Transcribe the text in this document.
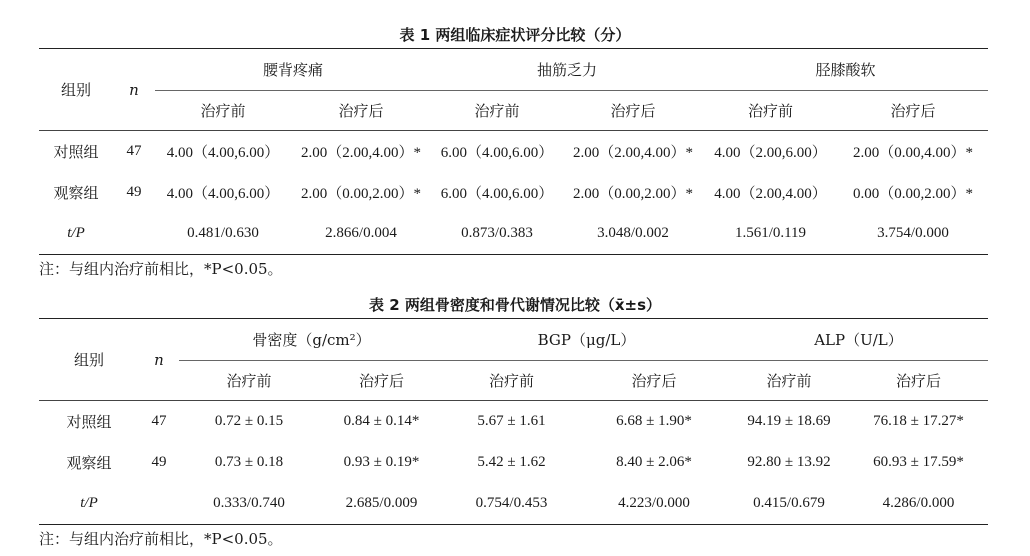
表 1 两组临床症状评分比较（分）
组别	n	腰背疼痛		抽筋乏力		胫膝酸软	
		治疗前	治疗后	治疗前	治疗后	治疗前	治疗后
对照组	47	4.00（4.00,6.00）	2.00（2.00,4.00）*	6.00（4.00,6.00）	2.00（2.00,4.00）*	4.00（2.00,6.00）	2.00（0.00,4.00）*
观察组	49	4.00（4.00,6.00）	2.00（0.00,2.00）*	6.00（4.00,6.00）	2.00（0.00,2.00）*	4.00（2.00,4.00）	0.00（0.00,2.00）*
t/P		0.481/0.630	2.866/0.004	0.873/0.383	3.048/0.002	1.561/0.119	3.754/0.000
注：与组内治疗前相比，*P<0.05。
表 2 两组骨密度和骨代谢情况比较（x̄±s）
组别	n	骨密度（g/cm²）		BGP（μg/L）		ALP（U/L）	
		治疗前	治疗后	治疗前	治疗后	治疗前	治疗后
对照组	47	0.72 ± 0.15	0.84 ± 0.14*	5.67 ± 1.61	6.68 ± 1.90*	94.19 ± 18.69	76.18 ± 17.27*
观察组	49	0.73 ± 0.18	0.93 ± 0.19*	5.42 ± 1.62	8.40 ± 2.06*	92.80 ± 13.92	60.93 ± 17.59*
t/P		0.333/0.740	2.685/0.009	0.754/0.453	4.223/0.000	0.415/0.679	4.286/0.000
注：与组内治疗前相比，*P<0.05。
